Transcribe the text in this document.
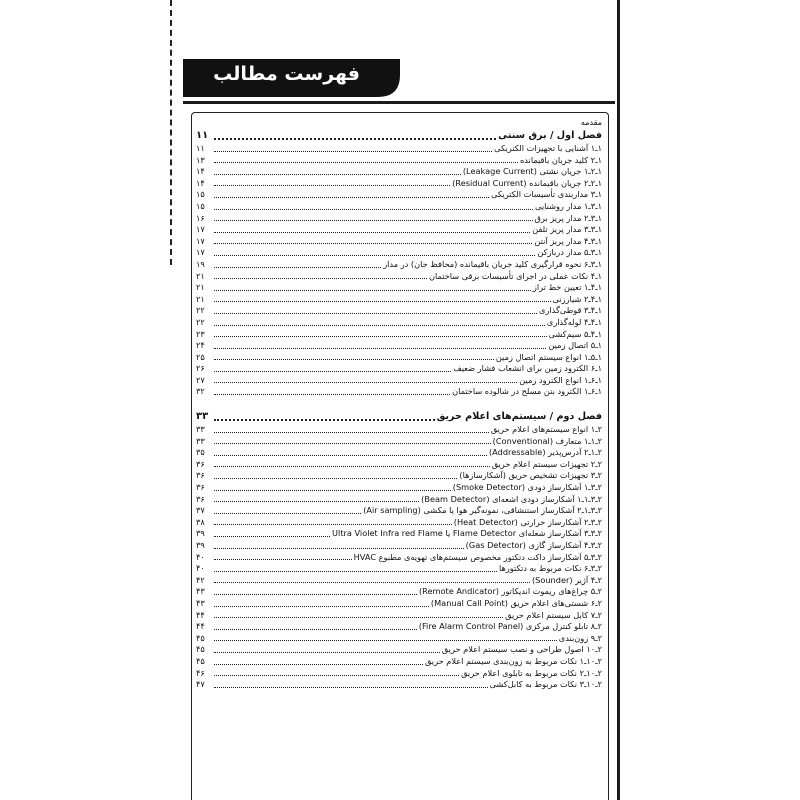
فهرست مطالب
مقدمه
فصل اول / برق سنتی
۱۱
۱ـ۱ آشنایی با تجهیزات الکتریکی
۱۱
۱ـ۲ کلید جریان باقیمانده
۱۳
۱ـ۲ـ۱ جریان نشتی (Leakage Current)
۱۴
۱ـ۲ـ۲ جریان باقیمانده (Residual Current)
۱۴
۱ـ۳ مداربندی تأسیسات الکتریکی
۱۵
۱ـ۳ـ۱ مدار روشنایی
۱۵
۱ـ۳ـ۲ مدار پریز برق
۱۶
۱ـ۳ـ۳ مدار پریز تلفن
۱۷
۱ـ۳ـ۴ مدار پریز آنتن
۱۷
۱ـ۳ـ۵ مدار دربازکن
۱۷
۱ـ۳ـ۶ نحوه قرارگیری کلید جریان باقیمانده (محافظ جان) در مدار
۱۹
۱ـ۴ نکات عملی در اجرای تأسیسات برقی ساختمان
۲۱
۱ـ۴ـ۱ تعیین خط تراز
۲۱
۱ـ۴ـ۲ شیارزنی
۲۱
۱ـ۴ـ۳ قوطی‌گذاری
۲۲
۱ـ۴ـ۴ لوله‌گذاری
۲۲
۱ـ۴ـ۵ سیم‌کشی
۲۳
۱ـ۵ اتصال زمین
۲۴
۱ـ۵ـ۱ انواع سیستم اتصال زمین
۲۵
۱ـ۶ الکترود زمین برای انشعاب فشار ضعیف
۲۶
۱ـ۶ـ۱ انواع الکترود زمین
۲۷
۱ـ۶ـ۱ الکترود بتن مسلح در شالوده ساختمان
۳۲
فصل دوم / سیستم‌های اعلام حریق
۳۳
۲ـ۱ انواع سیستم‌های اعلام حریق
۳۳
۲ـ۱ـ۱ متعارف (Conventional)
۳۳
۲ـ۱ـ۲ آدرس‌پذیر (Addressable)
۳۵
۲ـ۲ تجهیزات سیستم اعلام حریق
۳۶
۲ـ۳ تجهیزات تشخیص حریق (آشکارسازها)
۳۶
۲ـ۳ـ۱ آشکارساز دودی (Smoke Detector)
۳۶
۲ـ۳ـ۱ـ۱ آشکارساز دودی اشعه‌ای (Beam Detector)
۳۶
۲ـ۳ـ۱ـ۲ آشکارساز استنشاقی، نمونه‌گیر هوا یا مکشی (Air sampling)
۳۷
۲ـ۳ـ۲ آشکارساز حرارتی (Heat Detector)
۳۸
۲ـ۳ـ۳ آشکارساز شعله‌ای Flame Detector یا Ultra Violet Infra red Flame
۳۹
۲ـ۳ـ۴ آشکارساز گازی (Gas Detector)
۳۹
۲ـ۳ـ۵ آشکارساز داکت دتکتور مخصوص سیستم‌های تهویه‌ی مطبوع HVAC
۴۰
۲ـ۳ـ۶ نکات مربوط به دتکتورها
۴۰
۲ـ۴ آژیر (Sounder)
۴۲
۲ـ۵ چراغ‌های ریموت اندیکاتور (Remote Andicator)
۴۳
۲ـ۶ شستی‌های اعلام حریق (Manual Call Point)
۴۳
۲ـ۷ کابل سیستم اعلام حریق
۴۴
۲ـ۸ تابلو کنترل مرکزی (Fire Alarm Control Panel)
۴۴
۲ـ۹ زون‌بندی
۴۵
۲ـ۱۰ اصول طراحی و نصب سیستم اعلام حریق
۴۵
۲ـ۱۰ـ۱ نکات مربوط به زون‌بندی سیستم اعلام حریق
۴۵
۲ـ۱۰ـ۲ نکات مربوط به تابلوی اعلام حریق
۴۶
۲ـ۱۰ـ۳ نکات مربوط به کابل‌کشی
۴۷
